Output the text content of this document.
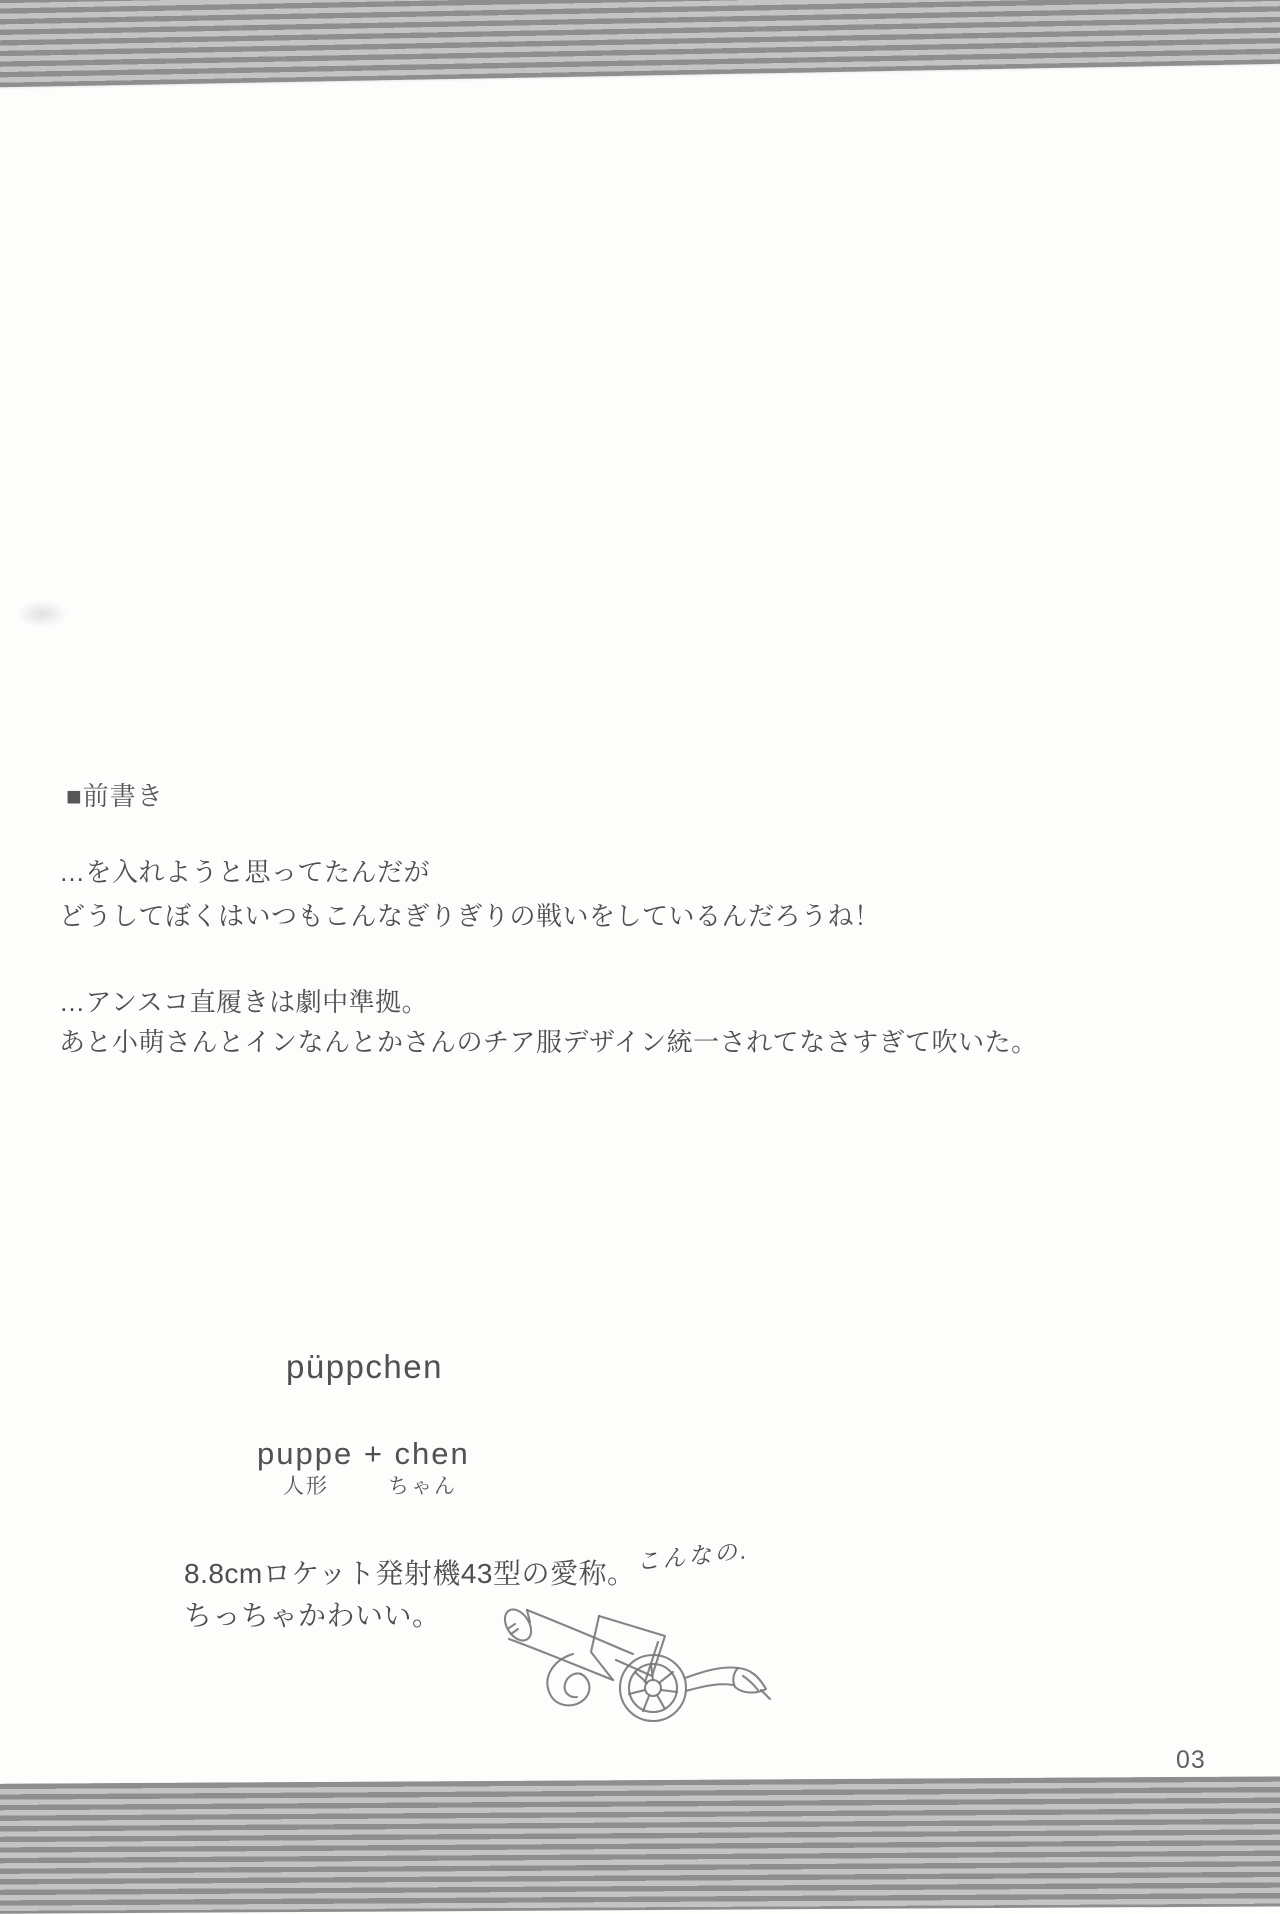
■前書き
…を入れようと思ってたんだが
どうしてぼくはいつもこんなぎりぎりの戦いをしているんだろうね！
…アンスコ直履きは劇中準拠。
あと小萌さんとインなんとかさんのチア服デザイン統一されてなさすぎて吹いた。
püppchen
puppe + chen
人形	ちゃん
8.8cmロケット発射機43型の愛称。
ちっちゃかわいい。
こんなの.
03
